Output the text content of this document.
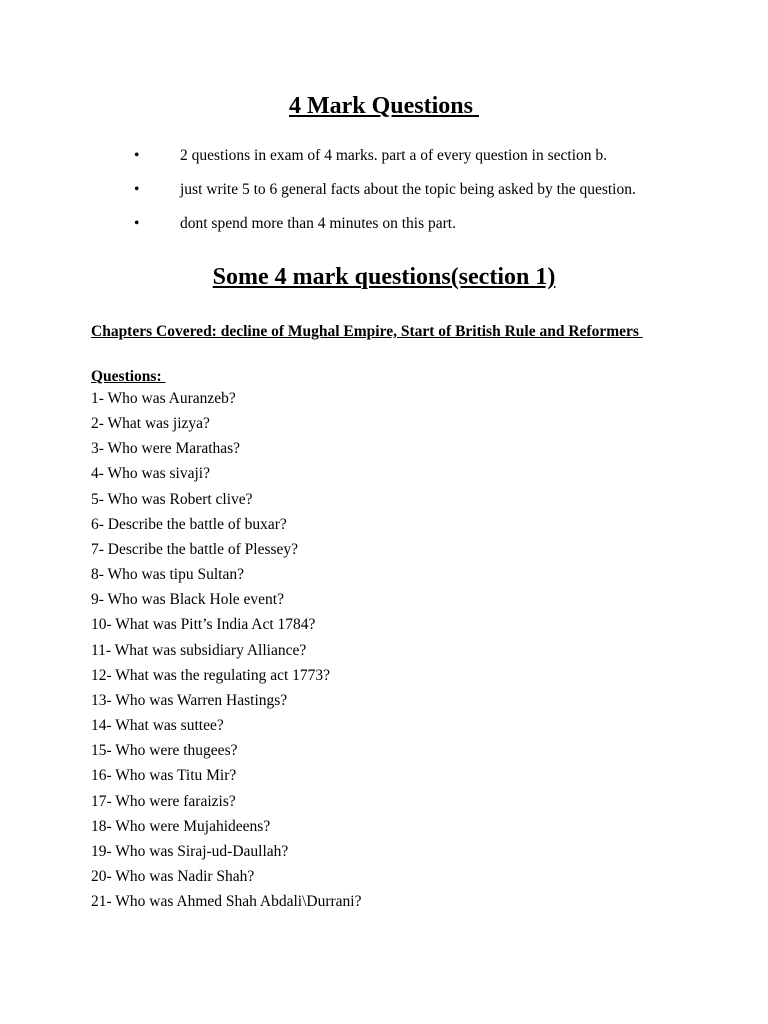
4 Mark Questions
•	2 questions in exam of 4 marks. part a of every question in section b.
•	just write 5 to 6 general facts about the topic being asked by the question.
•	dont spend more than 4 minutes on this part.
Some 4 mark questions(section 1)
Chapters Covered: decline of Mughal Empire, Start of British Rule and Reformers
Questions:
1- Who was Auranzeb?
2- What was jizya?
3- Who were Marathas?
4- Who was sivaji?
5- Who was Robert clive?
6- Describe the battle of buxar?
7- Describe the battle of Plessey?
8- Who was tipu Sultan?
9- Who was Black Hole event?
10- What was Pitt’s India Act 1784?
11- What was subsidiary Alliance?
12- What was the regulating act 1773?
13- Who was Warren Hastings?
14- What was suttee?
15- Who were thugees?
16- Who was Titu Mir?
17- Who were faraizis?
18- Who were Mujahideens?
19- Who was Siraj-ud-Daullah?
20- Who was Nadir Shah?
21- Who was Ahmed Shah Abdali\Durrani?
